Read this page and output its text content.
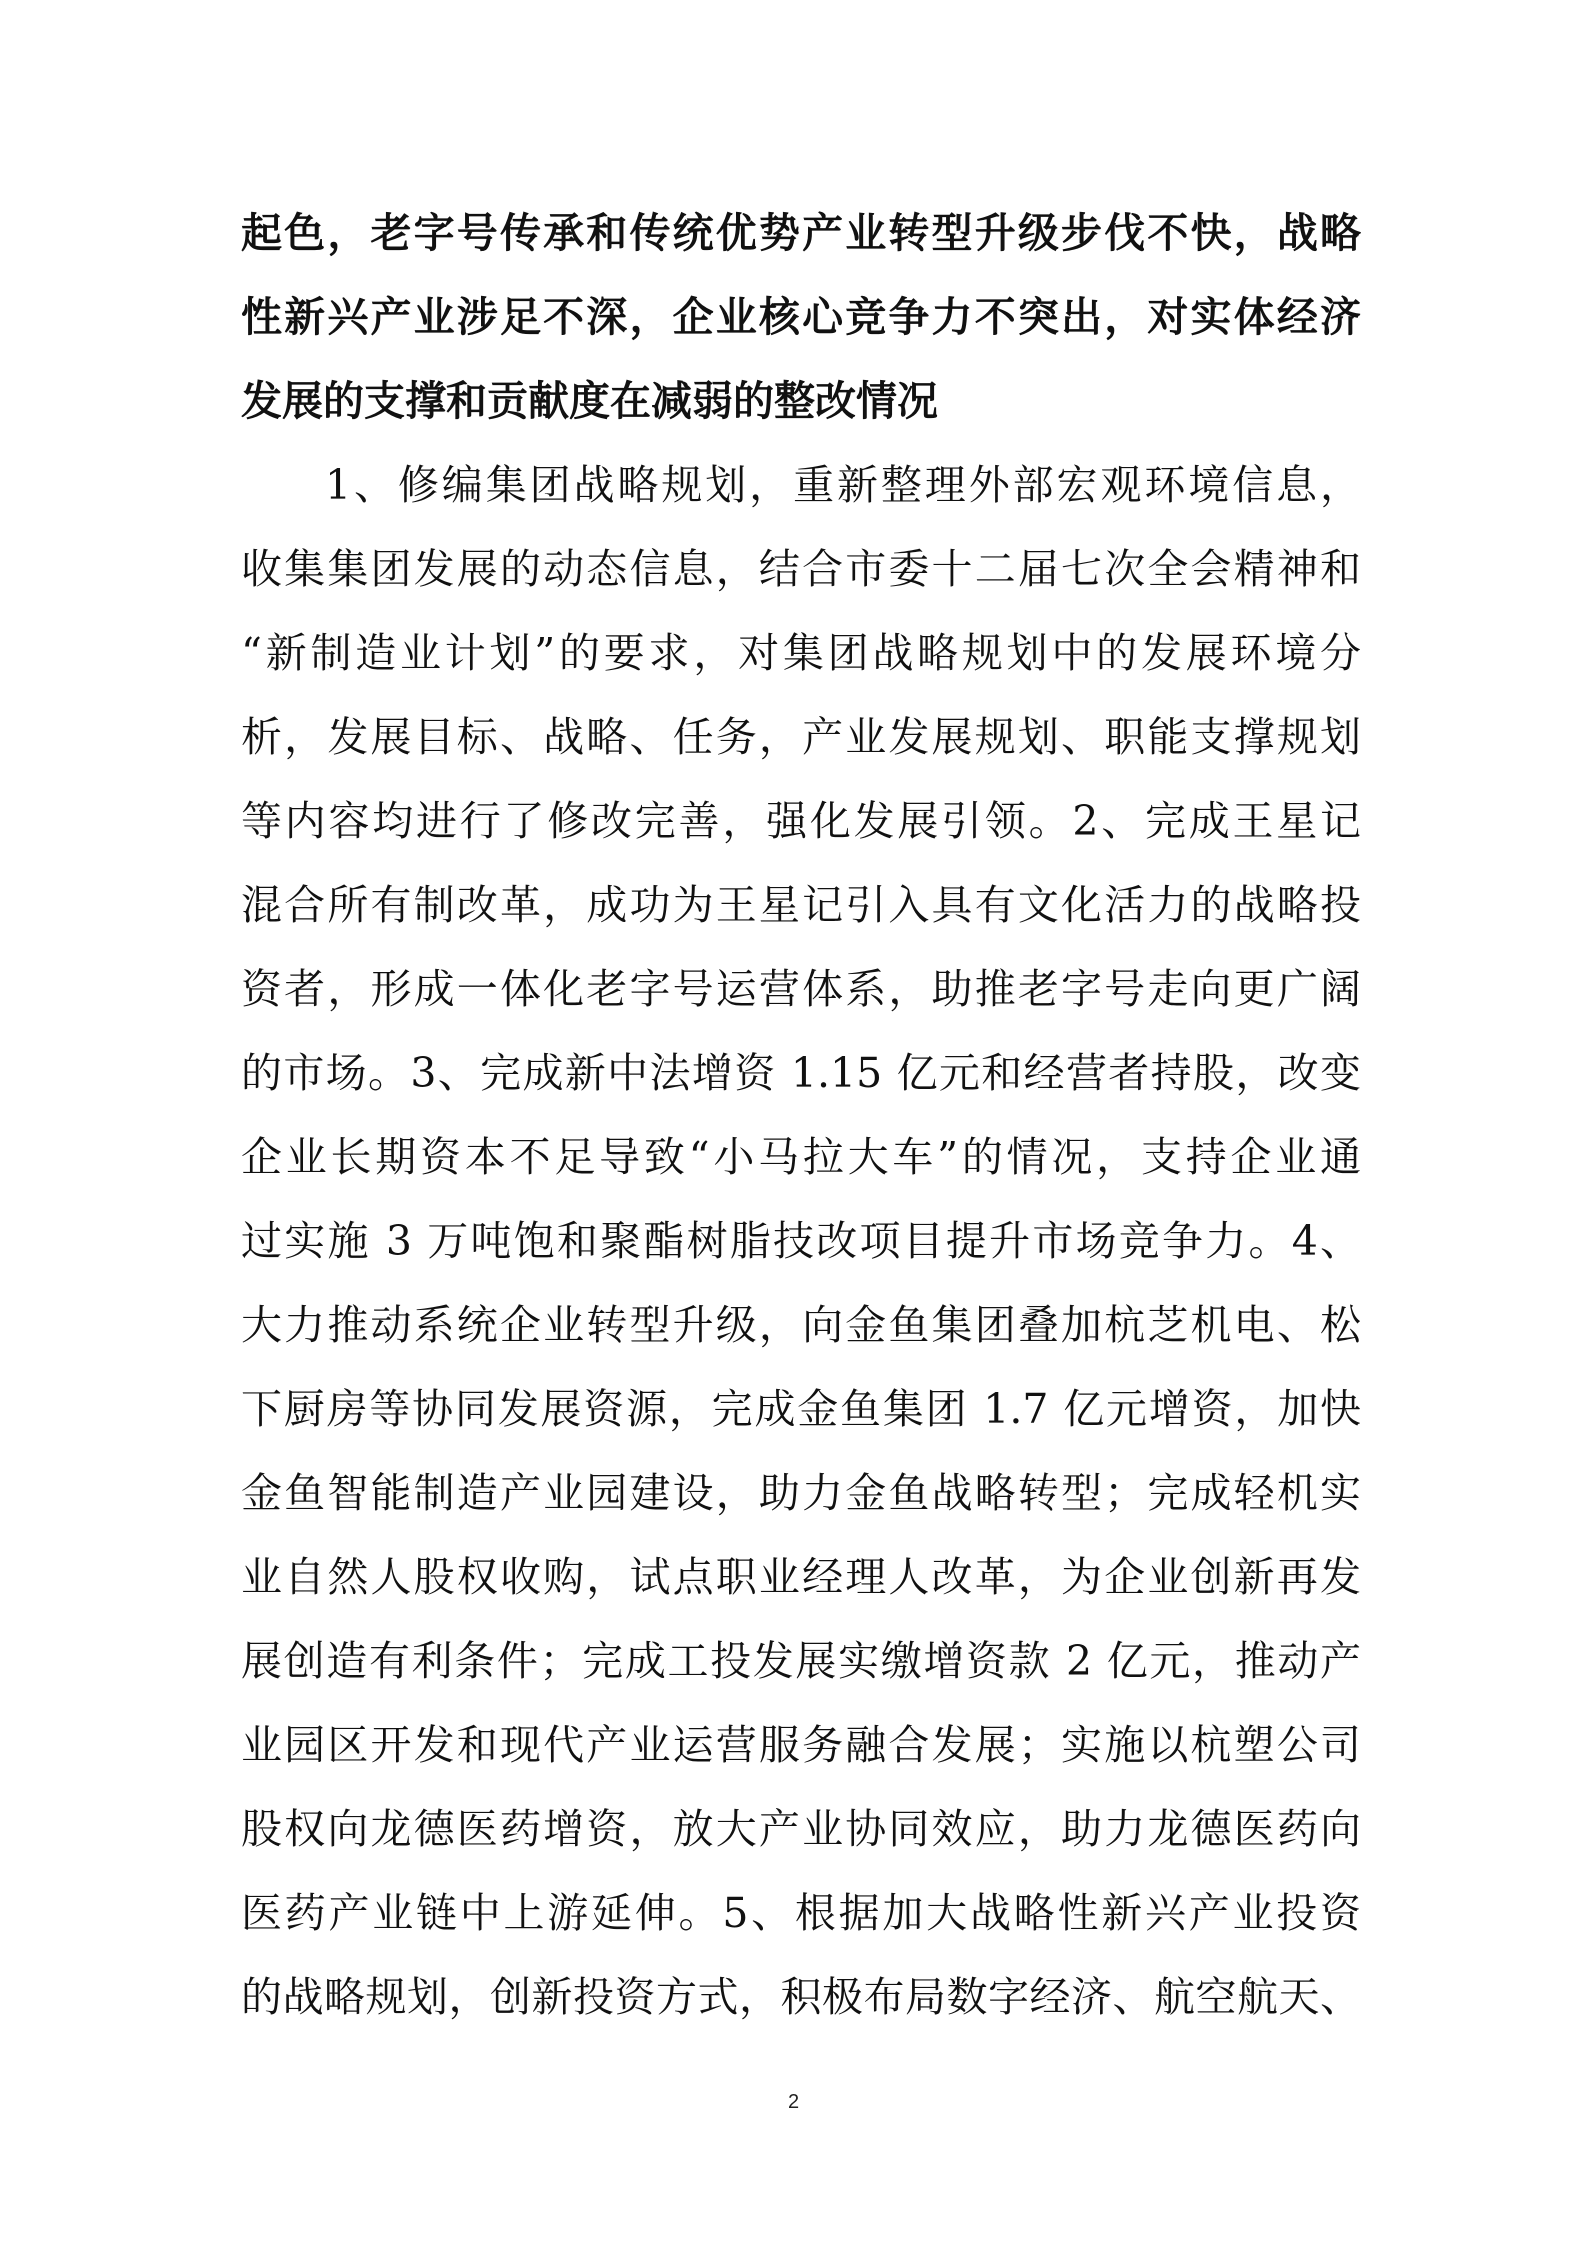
起色，老字号传承和传统优势产业转型升级步伐不快，战略
性新兴产业涉足不深，企业核心竞争力不突出，对实体经济
发展的支撑和贡献度在减弱的整改情况
1、修编集团战略规划，重新整理外部宏观环境信息，
收集集团发展的动态信息，结合市委十二届七次全会精神和
“新制造业计划”的要求，对集团战略规划中的发展环境分
析，发展目标、战略、任务，产业发展规划、职能支撑规划
等内容均进行了修改完善，强化发展引领。2、完成王星记
混合所有制改革，成功为王星记引入具有文化活力的战略投
资者，形成一体化老字号运营体系，助推老字号走向更广阔
的市场。3、完成新中法增资 1.15 亿元和经营者持股，改变
企业长期资本不足导致“小马拉大车”的情况，支持企业通
过实施 3 万吨饱和聚酯树脂技改项目提升市场竞争力。4、
大力推动系统企业转型升级，向金鱼集团叠加杭芝机电、松
下厨房等协同发展资源，完成金鱼集团 1.7 亿元增资，加快
金鱼智能制造产业园建设，助力金鱼战略转型；完成轻机实
业自然人股权收购，试点职业经理人改革，为企业创新再发
展创造有利条件；完成工投发展实缴增资款 2 亿元，推动产
业园区开发和现代产业运营服务融合发展；实施以杭塑公司
股权向龙德医药增资，放大产业协同效应，助力龙德医药向
医药产业链中上游延伸。5、根据加大战略性新兴产业投资
的战略规划，创新投资方式，积极布局数字经济、航空航天、
2
